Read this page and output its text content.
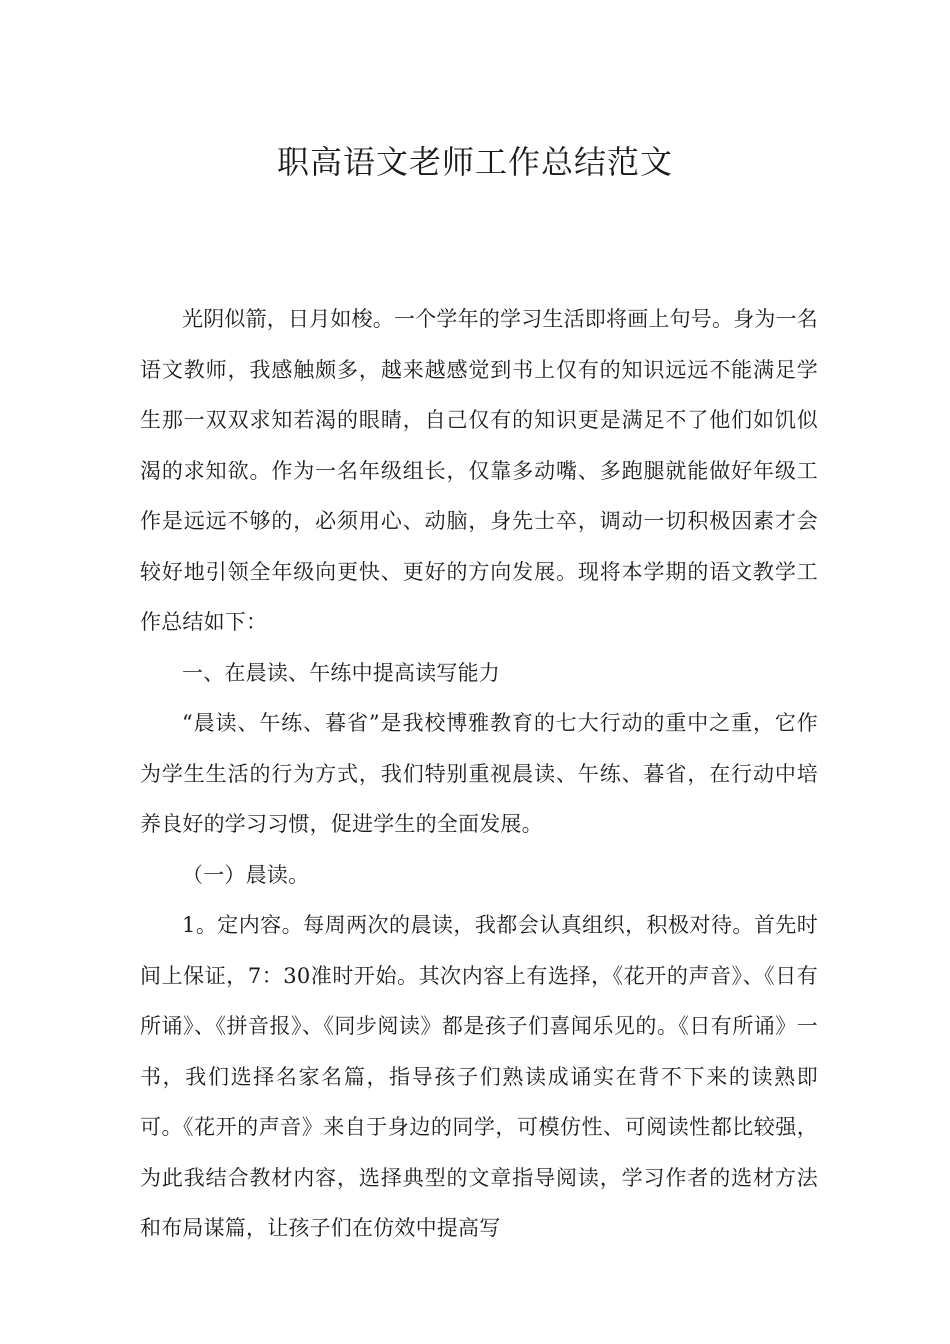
职高语文老师工作总结范文

光阴似箭，日月如梭。一个学年的学习生活即将画上句号。身为一名语文教师，我感触颇多，越来越感觉到书上仅有的知识远远不能满足学生那一双双求知若渴的眼睛，自己仅有的知识更是满足不了他们如饥似渴的求知欲。作为一名年级组长，仅靠多动嘴、多跑腿就能做好年级工作是远远不够的，必须用心、动脑，身先士卒，调动一切积极因素才会较好地引领全年级向更快、更好的方向发展。现将本学期的语文教学工作总结如下：

一、在晨读、午练中提高读写能力

“晨读、午练、暮省”是我校博雅教育的七大行动的重中之重，它作为学生生活的行为方式，我们特别重视晨读、午练、暮省，在行动中培养良好的学习习惯，促进学生的全面发展。

（一）晨读。

1。定内容。每周两次的晨读，我都会认真组织，积极对待。首先时间上保证，7：30准时开始。其次内容上有选择，《花开的声音》、《日有所诵》、《拼音报》、《同步阅读》都是孩子们喜闻乐见的。《日有所诵》一书，我们选择名家名篇，指导孩子们熟读成诵实在背不下来的读熟即可。《花开的声音》来自于身边的同学，可模仿性、可阅读性都比较强，为此我结合教材内容，选择典型的文章指导阅读，学习作者的选材方法和布局谋篇，让孩子们在仿效中提高写
